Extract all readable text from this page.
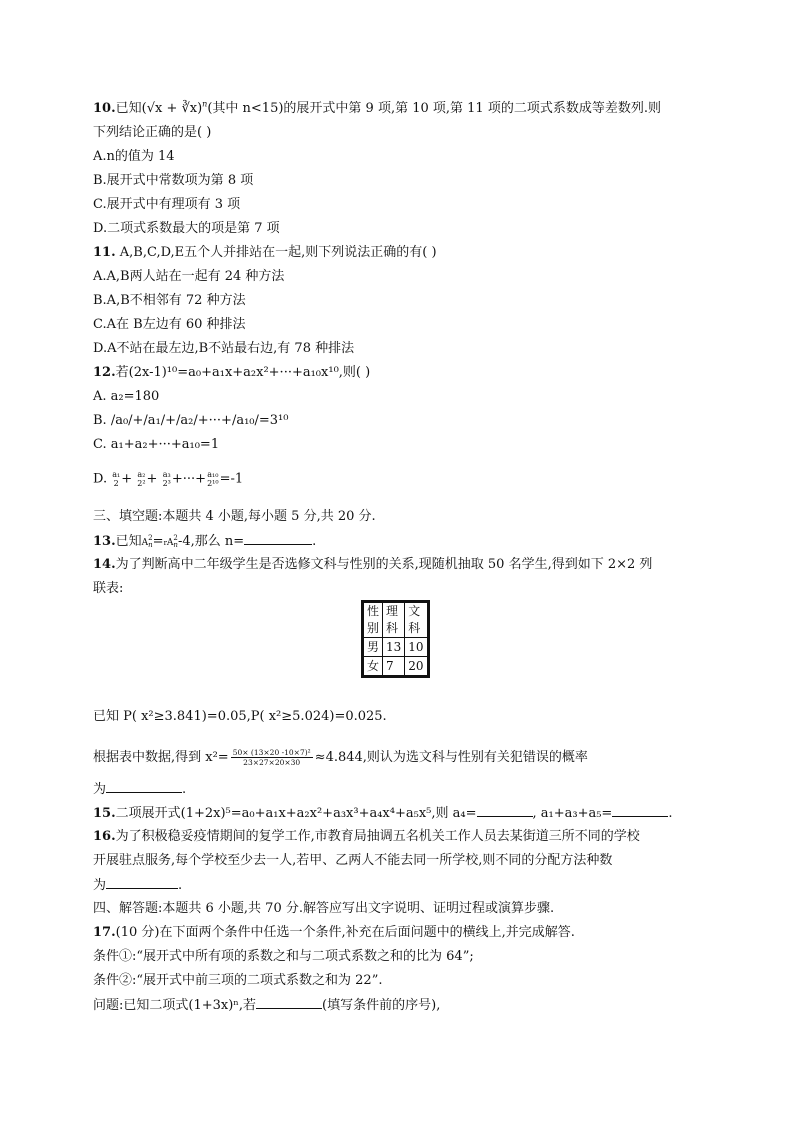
10.已知(√x + ∛x)$^n$(其中 n<15)的展开式中第 9 项,第 10 项,第 11 项的二项式系数成等差数列.则
下列结论正确的是( )
A.n的值为 14
B.展开式中常数项为第 8 项
C.展开式中有理项有 3 项
D.二项式系数最大的项是第 7 项
11. A,B,C,D,E五个人并排站在一起,则下列说法正确的有( )
A.A,B两人站在一起有 24 种方法
B.A,B不相邻有 72 种方法
C.A在 B左边有 60 种排法
D.A不站在最左边,B不站最右边,有 78 种排法
12.若(2x-1)¹⁰=a₀+a₁x+a₂x²+···+a₁₀x¹⁰,则( )
A. a₂=180
B. /a₀/+/a₁/+/a₂/+···+/a₁₀/=3¹⁰
C. a₁+a₂+···+a₁₀=1
D. a₁
2 + a₂
2² + a₃
2³ +···+ a₁₀
2¹⁰ =-1
三、填空题:本题共 4 小题,每小题 5 分,共 20 分.
13.已知A2
n=rA2
n-4,那么 n=	.
14.为了判断高中二年级学生是否选修文科与性别的关系,现随机抽取 50 名学生,得到如下 2×2 列
联表:
性别	理科	文科
男	13	10
女	7	20
已知 P( x²≥3.841)=0.05,P( x²≥5.024)=0.025.
根据表中数据,得到 $x^2= \frac{\text{50× (13×20 -10×7)²}}{23\times 27\times 20\times 30} \approx 4.844$,则认为选文科与性别有关犯错误的概率
为	.
15.二项展开式(1+2x)⁵=a₀+a₁x+a₂x²+a₃x³+a₄x⁴+a₅x⁵,则 a₄=	, a₁+a₃+a₅=	.
16.为了积极稳妥疫情期间的复学工作,市教育局抽调五名机关工作人员去某街道三所不同的学校
开展驻点服务,每个学校至少去一人,若甲、乙两人不能去同一所学校,则不同的分配方法种数
为	.
四、解答题:本题共 6 小题,共 70 分.解答应写出文字说明、证明过程或演算步骤.
17.(10 分)在下面两个条件中任选一个条件,补充在后面问题中的横线上,并完成解答.
条件①:“展开式中所有项的系数之和与二项式系数之和的比为 64”;
条件②:“展开式中前三项的二项式系数之和为 22”.
问题:已知二项式(1+3x)ⁿ,若	(填写条件前的序号),
